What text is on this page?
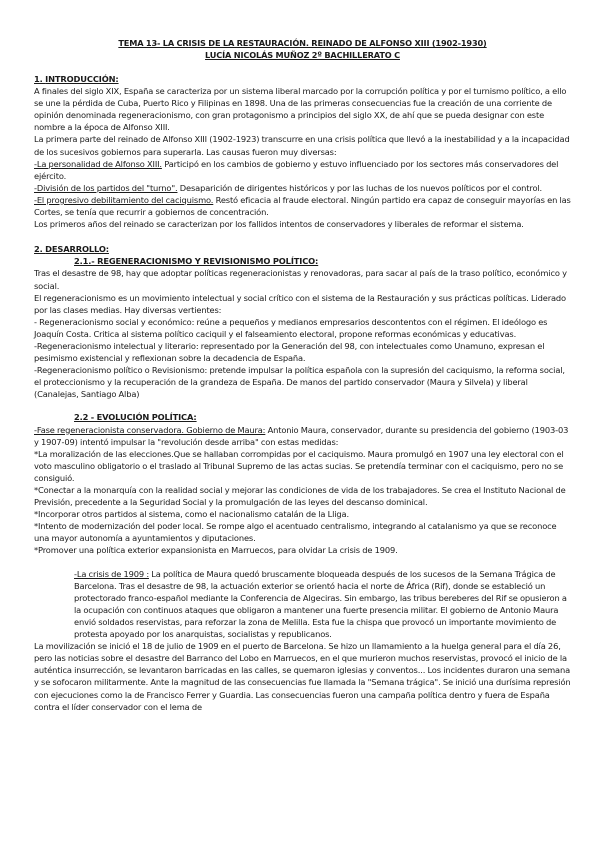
TEMA 13- LA CRISIS DE LA RESTAURACIÓN. REINADO DE ALFONSO XIII (1902-1930)

LUCÍA NICOLÁS MUÑOZ 2º BACHILLERATO C

1. INTRODUCCIÓN:

A finales del siglo XIX, España se caracteriza por un sistema liberal marcado por la corrupción política y por el turnismo político, a ello se une la pérdida de Cuba, Puerto Rico y Filipinas en 1898. Una de las primeras consecuencias fue la creación de una corriente de opinión denominada regeneracionismo, con gran protagonismo a principios del siglo XX, de ahí que se pueda designar con este nombre a la época de Alfonso XIII.

La primera parte del reinado de Alfonso XIII (1902-1923) transcurre en una crisis política que llevó a la inestabilidad y a la incapacidad de los sucesivos gobiernos para superarla. Las causas fueron muy diversas:

-La personalidad de Alfonso XIII. Participó en los cambios de gobierno y estuvo influenciado por los sectores más conservadores del ejército.

-División de los partidos del "turno". Desaparición de dirigentes históricos y por las luchas de los nuevos políticos por el control.

-El progresivo debilitamiento del caciquismo. Restó eficacia al fraude electoral. Ningún partido era capaz de conseguir mayorías en las Cortes, se tenía que recurrir a gobiernos de concentración.

Los primeros años del reinado se caracterizan por los fallidos intentos de conservadores y liberales de reformar el sistema.

2. DESARROLLO:

2.1.- REGENERACIONISMO Y REVISIONISMO POLÍTICO:

Tras el desastre de 98, hay que adoptar políticas regeneracionistas y renovadoras, para sacar al país de la traso político, económico y social.

El regeneracionismo es un movimiento intelectual y social crítico con el sistema de la Restauración y sus prácticas políticas. Liderado por las clases medias. Hay diversas vertientes:

- Regeneracionismo social y económico: reúne a pequeños y medianos empresarios descontentos con el régimen. El ideólogo es Joaquín Costa. Critica al sistema político caciquil y el falseamiento electoral, propone reformas económicas y educativas.

-Regeneracionismo intelectual y literario: representado por la Generación del 98, con intelectuales como Unamuno, expresan el pesimismo existencial y reflexionan sobre la decadencia de España.

-Regeneracionismo político o Revisionismo: pretende impulsar la política española con la supresión del caciquismo, la reforma social, el proteccionismo y la recuperación de la grandeza de España. De manos del partido conservador (Maura y Silvela) y liberal (Canalejas, Santiago Alba)

2.2 - EVOLUCIÓN POLÍTICA:

-Fase regeneracionista conservadora. Gobierno de Maura: Antonio Maura, conservador, durante su presidencia del gobierno (1903-03 y 1907-09) intentó impulsar la "revolución desde arriba" con estas medidas:

*La moralización de las elecciones.Que se hallaban corrompidas por el caciquismo. Maura promulgó en 1907 una ley electoral con el voto masculino obligatorio o el traslado al Tribunal Supremo de las actas sucias. Se pretendía terminar con el caciquismo, pero no se consiguió.

*Conectar a la monarquía con la realidad social y mejorar las condiciones de vida de los trabajadores. Se crea el Instituto Nacional de Previsión, precedente a la Seguridad Social y la promulgación de las leyes del descanso dominical.

*Incorporar otros partidos al sistema, como el nacionalismo catalán de la Lliga.

*Intento de modernización del poder local. Se rompe algo el acentuado centralismo, integrando al catalanismo ya que se reconoce una mayor autonomía a ayuntamientos y diputaciones.

*Promover una política exterior expansionista en Marruecos, para olvidar La crisis de 1909.

-La crisis de 1909 : La política de Maura quedó bruscamente bloqueada después de los sucesos de la Semana Trágica de Barcelona. Tras el desastre de 98, la actuación exterior se orientó hacia el norte de África (Rif), donde se estableció un protectorado franco-español mediante la Conferencia de Algeciras. Sin embargo, las tribus bereberes del Rif se opusieron a la ocupación con continuos ataques que obligaron a mantener una fuerte presencia militar. El gobierno de Antonio Maura envió soldados reservistas, para reforzar la zona de Melilla. Esta fue la chispa que provocó un importante movimiento de protesta apoyado por los anarquistas, socialistas y republicanos.

La movilización se inició el 18 de julio de 1909 en el puerto de Barcelona. Se hizo un llamamiento a la huelga general para el día 26, pero las noticias sobre el desastre del Barranco del Lobo en Marruecos, en el que murieron muchos reservistas, provocó el inicio de la auténtica insurrección, se levantaron barricadas en las calles, se quemaron iglesias y conventos... Los incidentes duraron una semana y se sofocaron militarmente. Ante la magnitud de las consecuencias fue llamada la "Semana trágica". Se inició una durísima represión con ejecuciones como la de Francisco Ferrer y Guardia. Las consecuencias fueron una campaña política dentro y fuera de España contra el líder conservador con el lema de
